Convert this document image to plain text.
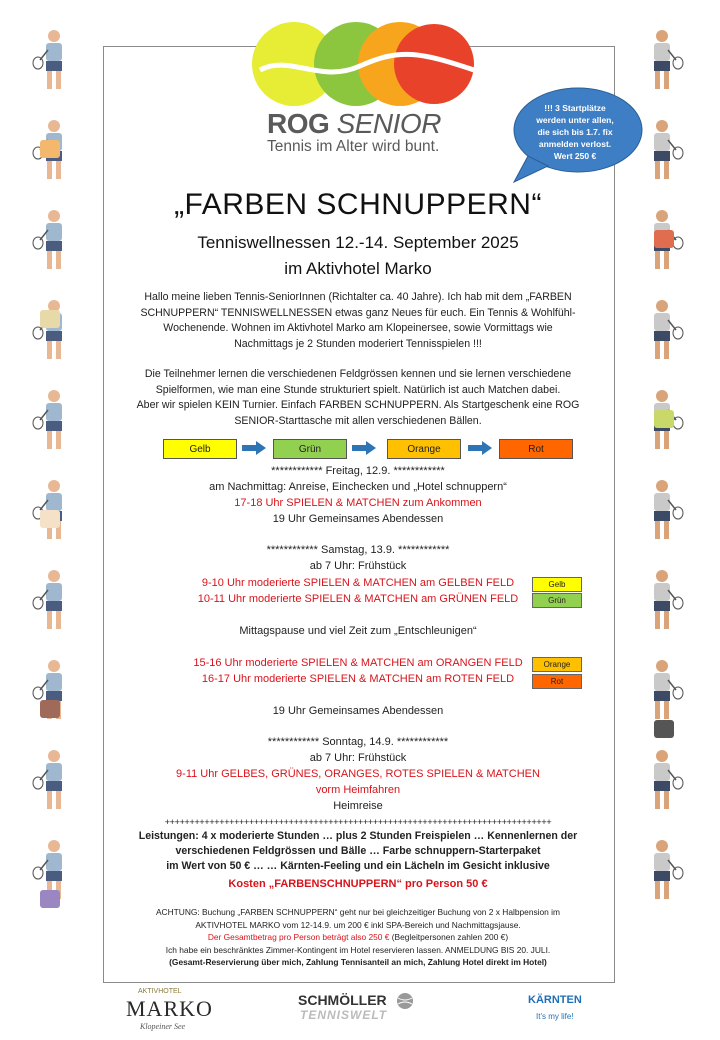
ROG SENIOR
Tennis im Alter wird bunt.
!!! 3 Startplätze
werden unter allen,
die sich bis 1.7. fix
anmelden verlost.
Wert 250 €
„FARBEN SCHNUPPERN“
Tenniswellnessen 12.-14. September 2025
im Aktivhotel Marko
Hallo meine lieben Tennis-SeniorInnen (Richtalter ca. 40 Jahre). Ich hab mit dem „FARBEN
SCHNUPPERN“ TENNISWELLNESSEN etwas ganz Neues für euch. Ein Tennis & Wohlfühl-
Wochenende. Wohnen im Aktivhotel Marko am Klopeinersee, sowie Vormittags wie
Nachmittags je 2 Stunden moderiert Tennisspielen !!!
Die Teilnehmer lernen die verschiedenen Feldgrössen kennen und sie lernen verschiedene
Spielformen, wie man eine Stunde strukturiert spielt. Natürlich ist auch Matchen dabei.
Aber wir spielen KEIN Turnier. Einfach FARBEN SCHNUPPERN. Als Startgeschenk eine ROG
SENIOR-Starttasche mit allen verschiedenen Bällen.
Gelb	Grün	Orange	Rot
************ Freitag, 12.9. ************
am Nachmittag: Anreise, Einchecken und „Hotel schnuppern“
17-18 Uhr SPIELEN & MATCHEN zum Ankommen
19 Uhr Gemeinsames Abendessen
************ Samstag, 13.9. ************
ab 7 Uhr: Frühstück
9-10 Uhr moderierte SPIELEN & MATCHEN am GELBEN FELD	Gelb
10-11 Uhr moderierte SPIELEN & MATCHEN am GRÜNEN FELD	Grün
Mittagspause und viel Zeit zum „Entschleunigen“
15-16 Uhr moderierte SPIELEN & MATCHEN am ORANGEN FELD	Orange
16-17 Uhr moderierte SPIELEN & MATCHEN am ROTEN FELD	Rot
19 Uhr Gemeinsames Abendessen
************ Sonntag, 14.9. ************
ab 7 Uhr: Frühstück
9-11 Uhr GELBES, GRÜNES, ORANGES, ROTES SPIELEN & MATCHEN
vorm Heimfahren
Heimreise
++++++++++++++++++++++++++++++++++++++++++++++++++++++++++++++++++++++++++++++
Leistungen: 4 x moderierte Stunden … plus 2 Stunden Freispielen … Kennenlernen der
verschiedenen Feldgrössen und Bälle … Farbe schnuppern-Starterpaket
im Wert von 50 € … … Kärnten-Feeling und ein Lächeln im Gesicht inklusive
Kosten „FARBENSCHNUPPERN“ pro Person 50 €
ACHTUNG: Buchung „FARBEN SCHNUPPERN“ geht nur bei gleichzeitiger Buchung von 2 x Halbpension im
AKTIVHOTEL MARKO vom 12-14.9. um 200 € inkl SPA-Bereich und Nachmittagsjause.
Der Gesamtbetrag pro Person beträgt also 250 € (Begleitpersonen zahlen 200 €)
Ich habe ein beschränktes Zimmer-Kontingent im Hotel reservieren lassen. ANMELDUNG BIS 20. JULI.
(Gesamt-Reservierung über mich, Zahlung Tennisanteil an mich, Zahlung Hotel direkt im Hotel)
AKTIVHOTEL
MARKO
Klopeiner See
SCHMÖLLER
TENNISWELT
KÄRNTEN
It's my life!
